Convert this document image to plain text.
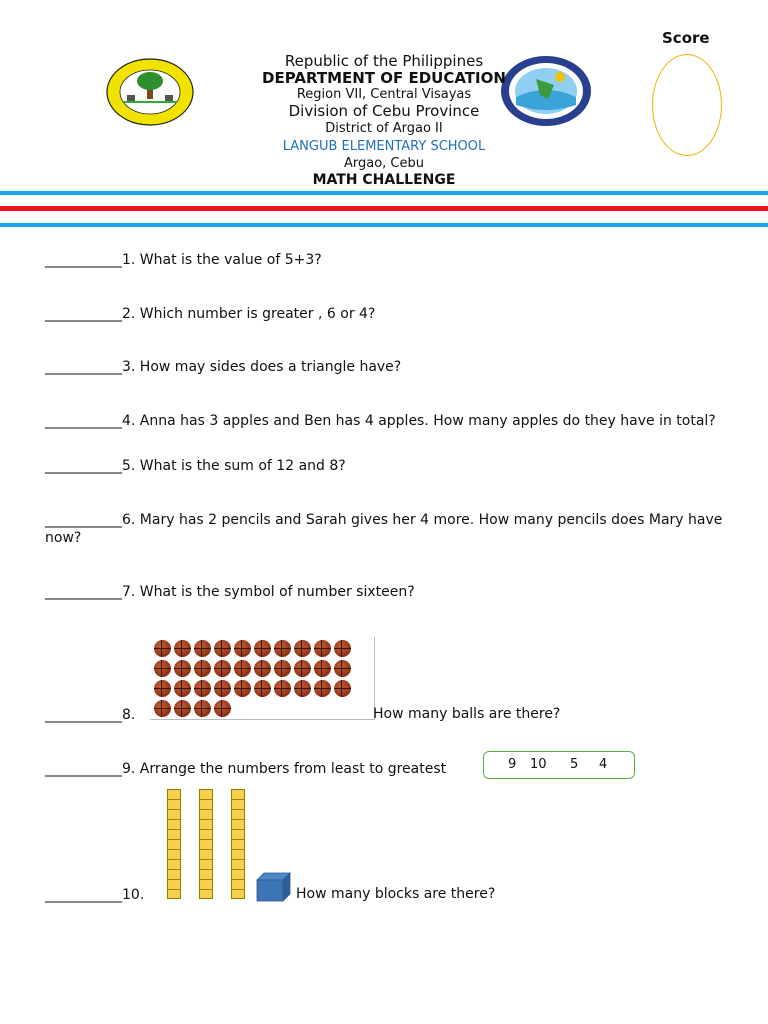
Republic of the Philippines
DEPARTMENT OF EDUCATION
Region VII, Central Visayas
Division of Cebu Province
District of Argao II
LANGUB ELEMENTARY SCHOOL
Argao, Cebu
MATH CHALLENGE
Score
___________1. What is the value of 5+3?
___________2. Which number is greater , 6 or 4?
___________3. How may sides does a triangle have?
___________4. Anna has 3 apples and Ben has 4 apples. How many apples do they have in total?
___________5. What is the sum of 12 and 8?
___________6. Mary has 2 pencils and Sarah gives her 4 more. How many pencils does Mary have now?
___________7. What is the symbol of number sixteen?
___________8.	How many balls are there?
___________9. Arrange the numbers from least to greatest	9 10 5 4
___________10.	How many blocks are there?
